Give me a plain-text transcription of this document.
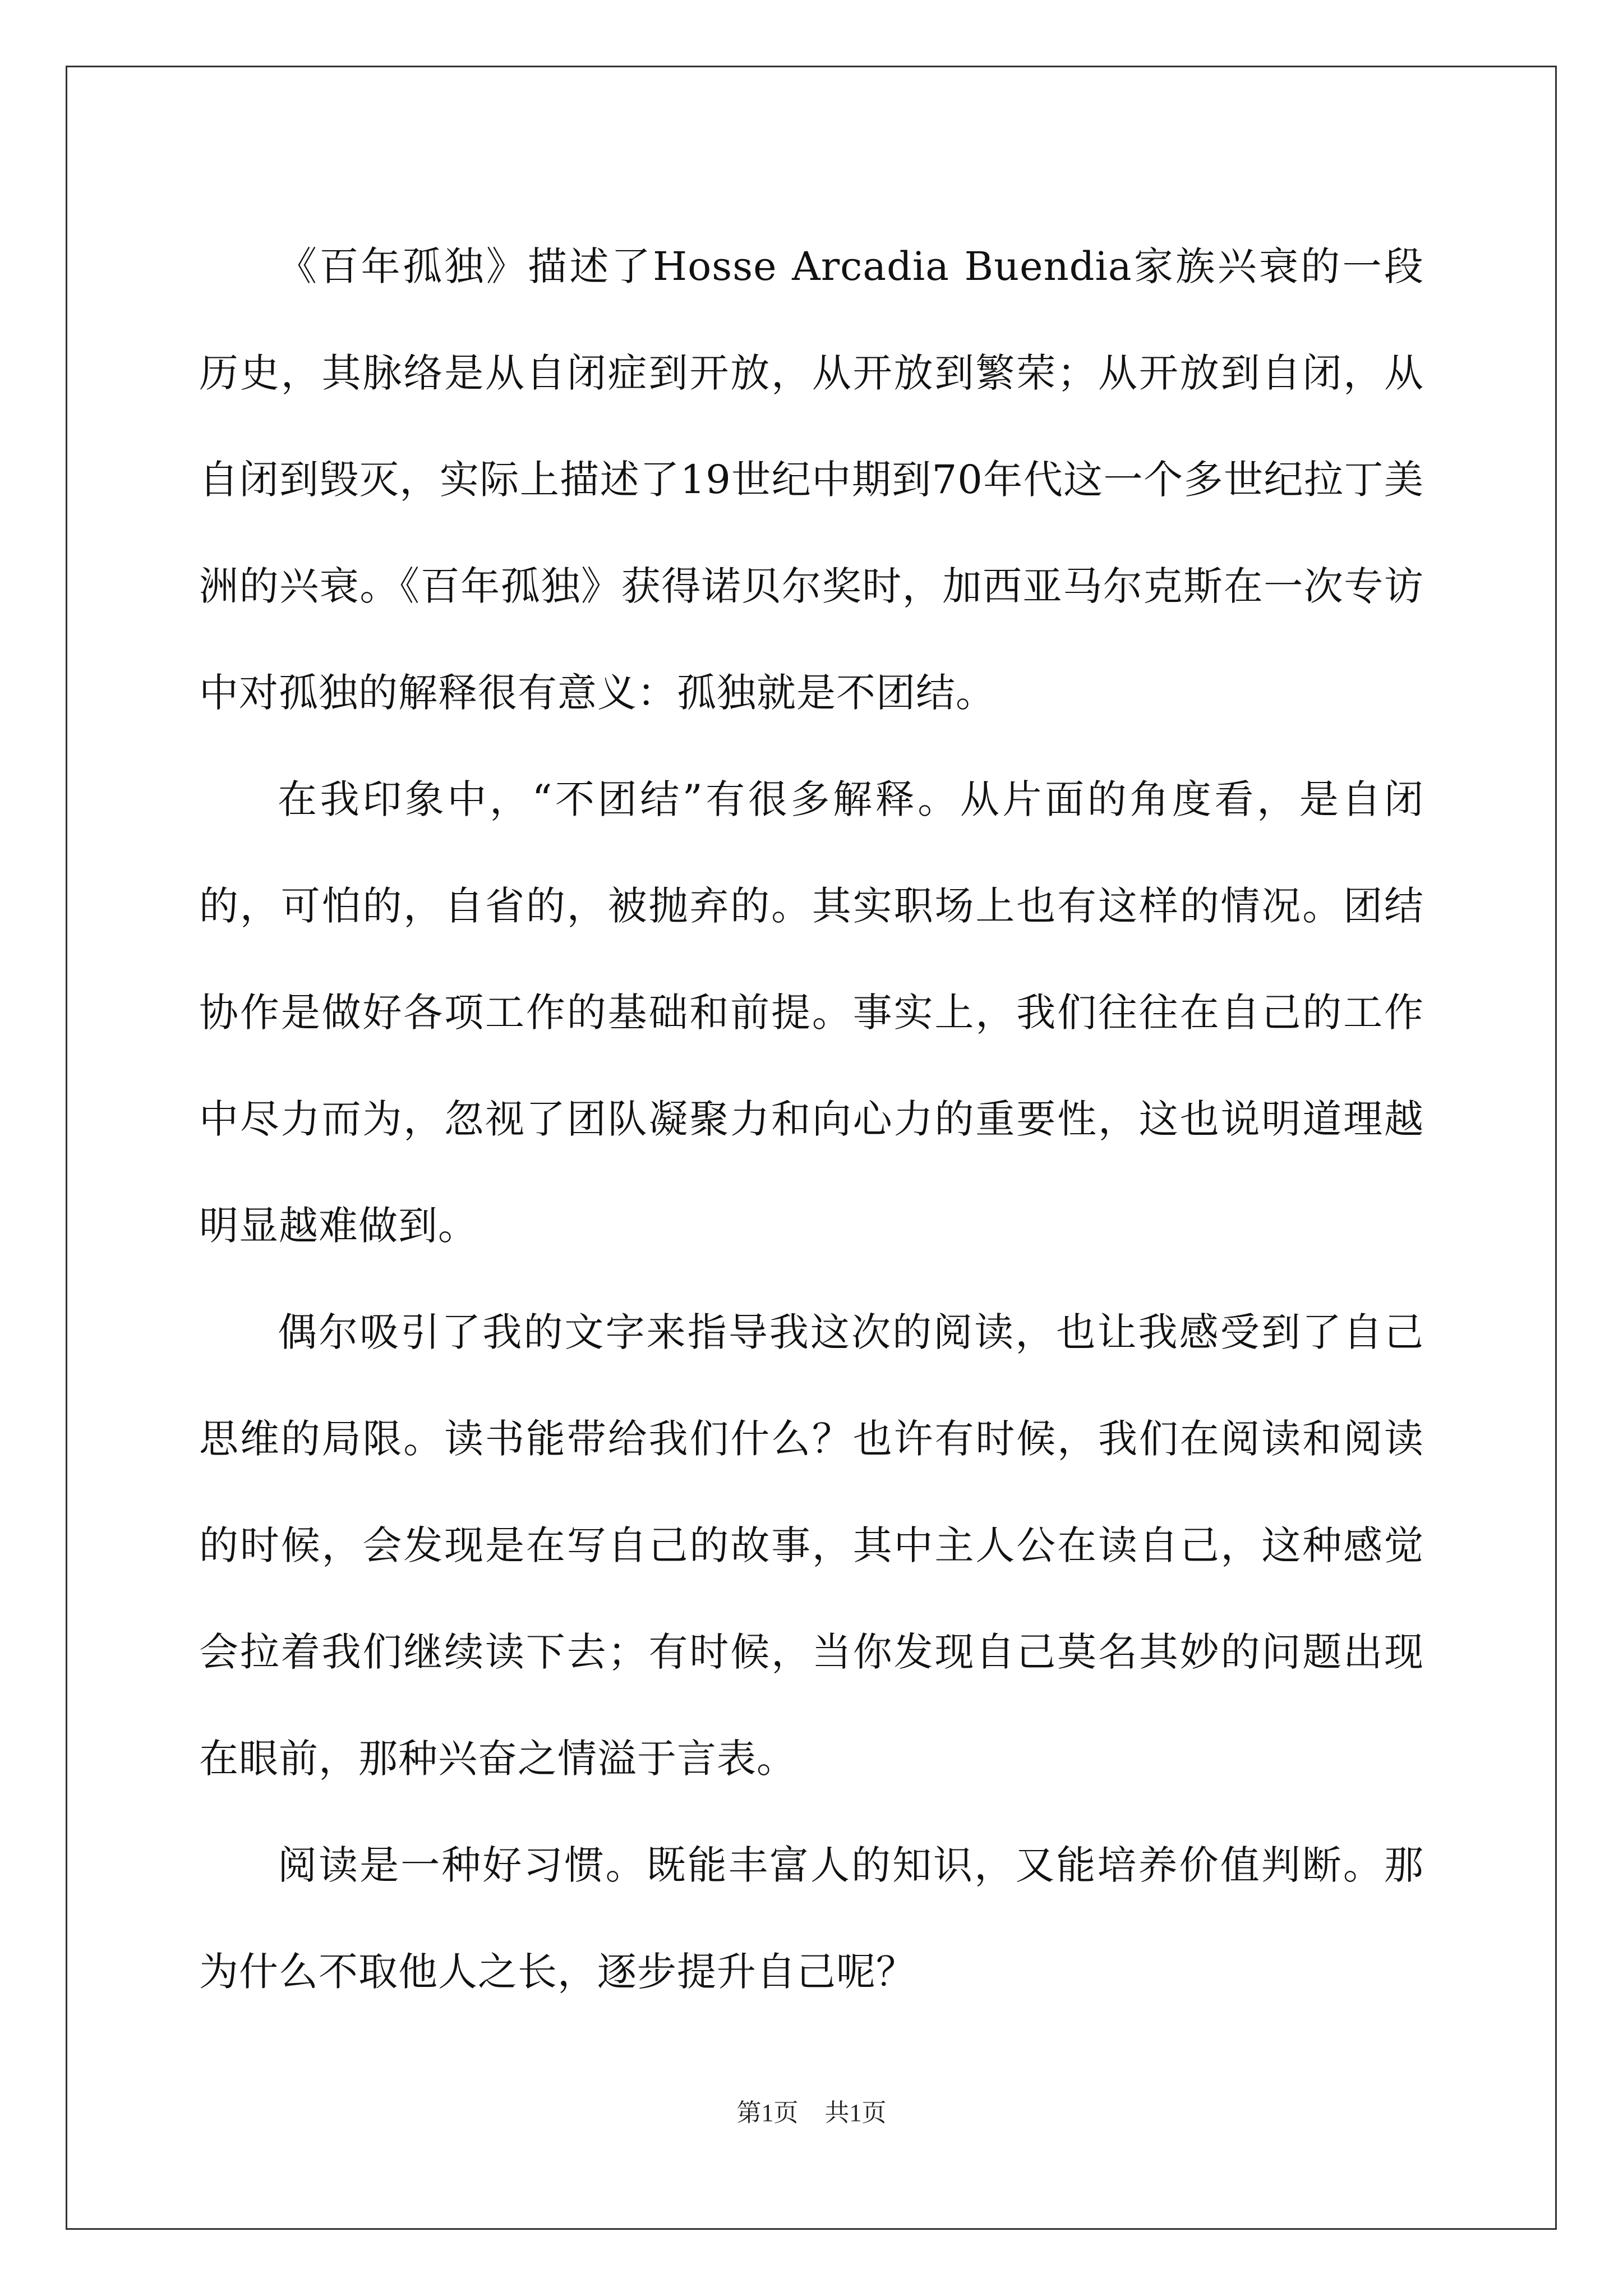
《百年孤独》描述了Hosse Arcadia Buendia家族兴衰的一段历史，其脉络是从自闭症到开放，从开放到繁荣；从开放到自闭，从自闭到毁灭，实际上描述了19世纪中期到70年代这一个多世纪拉丁美洲的兴衰。《百年孤独》获得诺贝尔奖时，加西亚马尔克斯在一次专访中对孤独的解释很有意义：孤独就是不团结。

在我印象中，“不团结”有很多解释。从片面的角度看，是自闭的，可怕的，自省的，被抛弃的。其实职场上也有这样的情况。团结协作是做好各项工作的基础和前提。事实上，我们往往在自己的工作中尽力而为，忽视了团队凝聚力和向心力的重要性，这也说明道理越明显越难做到。

偶尔吸引了我的文字来指导我这次的阅读，也让我感受到了自己思维的局限。读书能带给我们什么？也许有时候，我们在阅读和阅读的时候，会发现是在写自己的故事，其中主人公在读自己，这种感觉会拉着我们继续读下去；有时候，当你发现自己莫名其妙的问题出现在眼前，那种兴奋之情溢于言表。

阅读是一种好习惯。既能丰富人的知识，又能培养价值判断。那为什么不取他人之长，逐步提升自己呢？

第1页 共1页
